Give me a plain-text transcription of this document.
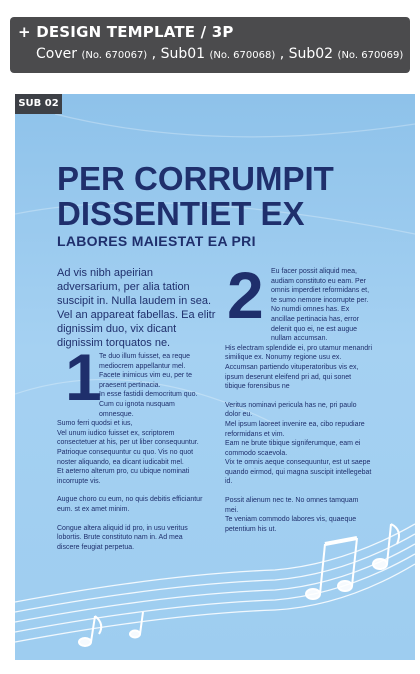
+ DESIGN TEMPLATE / 3P
Cover (No. 670067) , Sub01 (No. 670068) , Sub02 (No. 670069)
SUB 02
PER CORRUMPIT DISSENTIET EX
LABORES MAIESTAT EA PRI

Ad vis nibh apeirian adversarium, per alia tation suscipit in. Nulla laudem in sea. Vel an appareat fabellas. Ea elitr dignissim duo, vix dicant dignissim torquatos ne.

1
2

Te duo illum fuisset, ea reque mediocrem appellantur mel. Facete inimicus vim eu, per te praesent pertinacia.

In esse fastidii democritum quo. Cum cu ignota nusquam omnesque.

Sumo ferri quodsi et ius,

Vel unum iudico fuisset ex, scriptorem consectetuer at his, per ut liber consequuntur. Patrioque consequuntur cu quo. Vis no quot noster aliquando, ea dicant iudicabit mel.

Et aeterno alterum pro, cu ubique nominati incorrupte vis.

Augue choro cu eum, no quis debitis efficiantur eum. st ex amet minim.

Congue altera aliquid id pro, in usu veritus lobortis. Brute constituto nam in. Ad mea discere feugiat perpetua.

Eu facer possit aliquid mea, audiam constituto eu eam. Per omnis imperdiet reformidans et, te sumo nemore incorrupte per.

No numdi omnes has. Ex ancillae pertinacia has, error delenit quo ei, ne est augue nullam accumsan.

His electram splendide ei, pro utamur menandri similique ex. Nonumy regione usu ex.

Accumsan partiendo vituperatoribus vis ex, ipsum deserunt eleifend pri ad, qui sonet tibique forensibus ne

Veritus nominavi pericula has ne, pri paulo dolor eu.

Mel ipsum laoreet invenire ea, cibo repudiare reformidans et vim.

Eam ne brute tibique signiferumque, eam ei commodo scaevola.

Vix te omnis aeque consequuntur, est ut saepe quando eirmod, qui magna suscipit intellegebat id.

Possit alienum nec te. No omnes tamquam mei.

Te veniam commodo labores vis, quaeque petentium his ut.
